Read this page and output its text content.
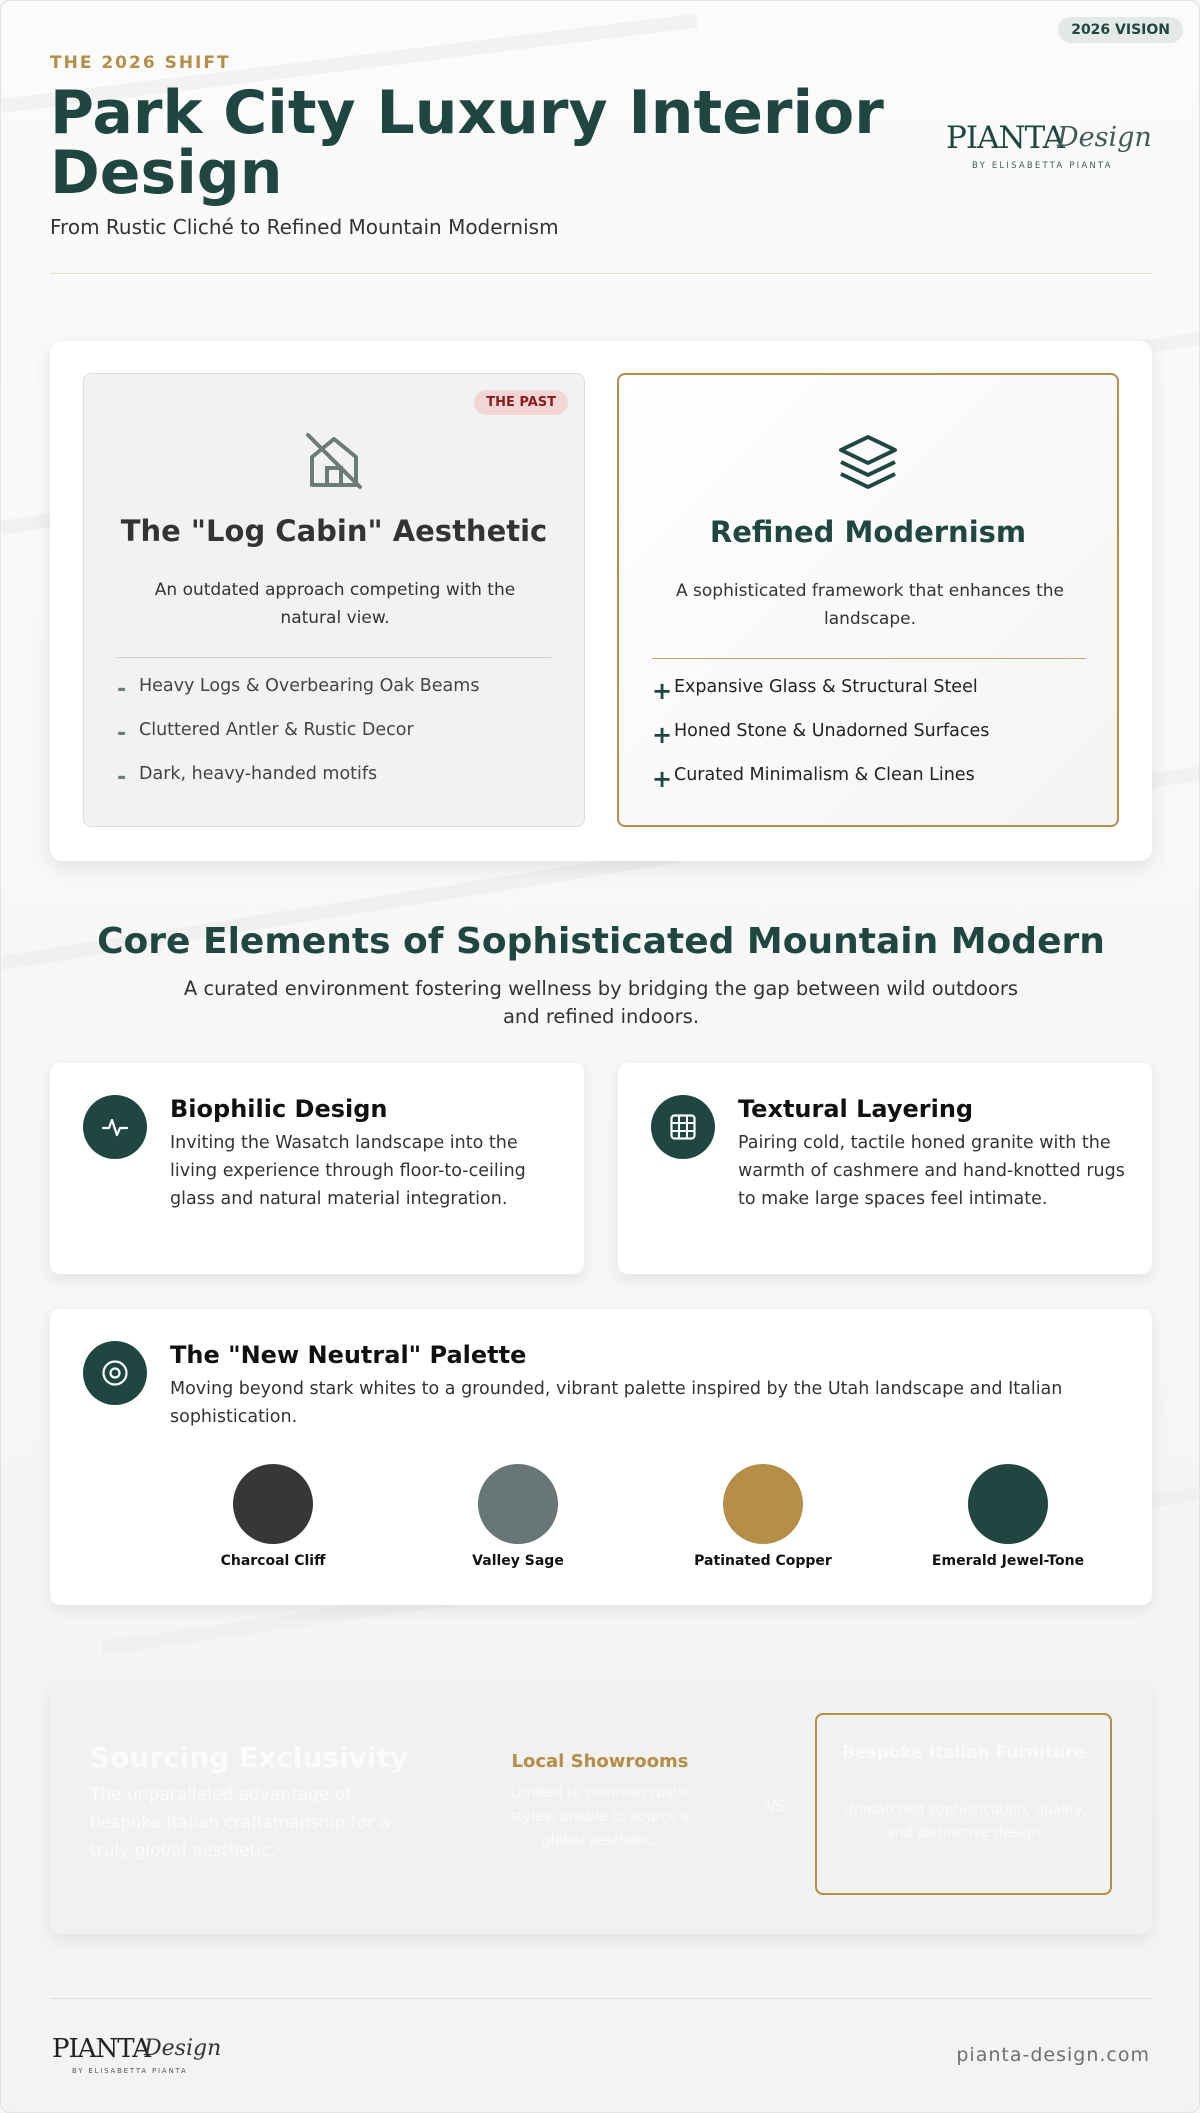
2026 VISION
THE 2026 SHIFT
Park City Luxury Interior Design
From Rustic Cliché to Refined Mountain Modernism
PIANTA
Design
BY ELISABETTA PIANTA
THE PAST
The "Log Cabin" Aesthetic

An outdated approach competing with the natural view.

- Heavy Logs & Overbearing Oak Beams
- Cluttered Antler & Rustic Decor
- Dark, heavy-handed motifs
Refined Modernism

A sophisticated framework that enhances the landscape.

+ Expansive Glass & Structural Steel
+ Honed Stone & Unadorned Surfaces
+ Curated Minimalism & Clean Lines
Core Elements of Sophisticated Mountain Modern

A curated environment fostering wellness by bridging the gap between wild outdoors and refined indoors.

Biophilic Design

Inviting the Wasatch landscape into the living experience through floor-to-ceiling glass and natural material integration.

Textural Layering

Pairing cold, tactile honed granite with the warmth of cashmere and hand-knotted rugs to make large spaces feel intimate.

The "New Neutral" Palette

Moving beyond stark whites to a grounded, vibrant palette inspired by the Utah landscape and Italian sophistication.

Charcoal Cliff	Valley Sage	Patinated Copper	Emerald Jewel-Tone
Sourcing Exclusivity

The unparalleled advantage of bespoke Italian craftsmanship for a truly global aesthetic.

Local Showrooms

Limited to common rustic styles; unable to source a global aesthetic.

VS.
Bespoke Italian Furniture

Unmatched sophistication, quality, and distinctive design.

PIANTA
Design
BY ELISABETTA PIANTA
pianta-design.com
